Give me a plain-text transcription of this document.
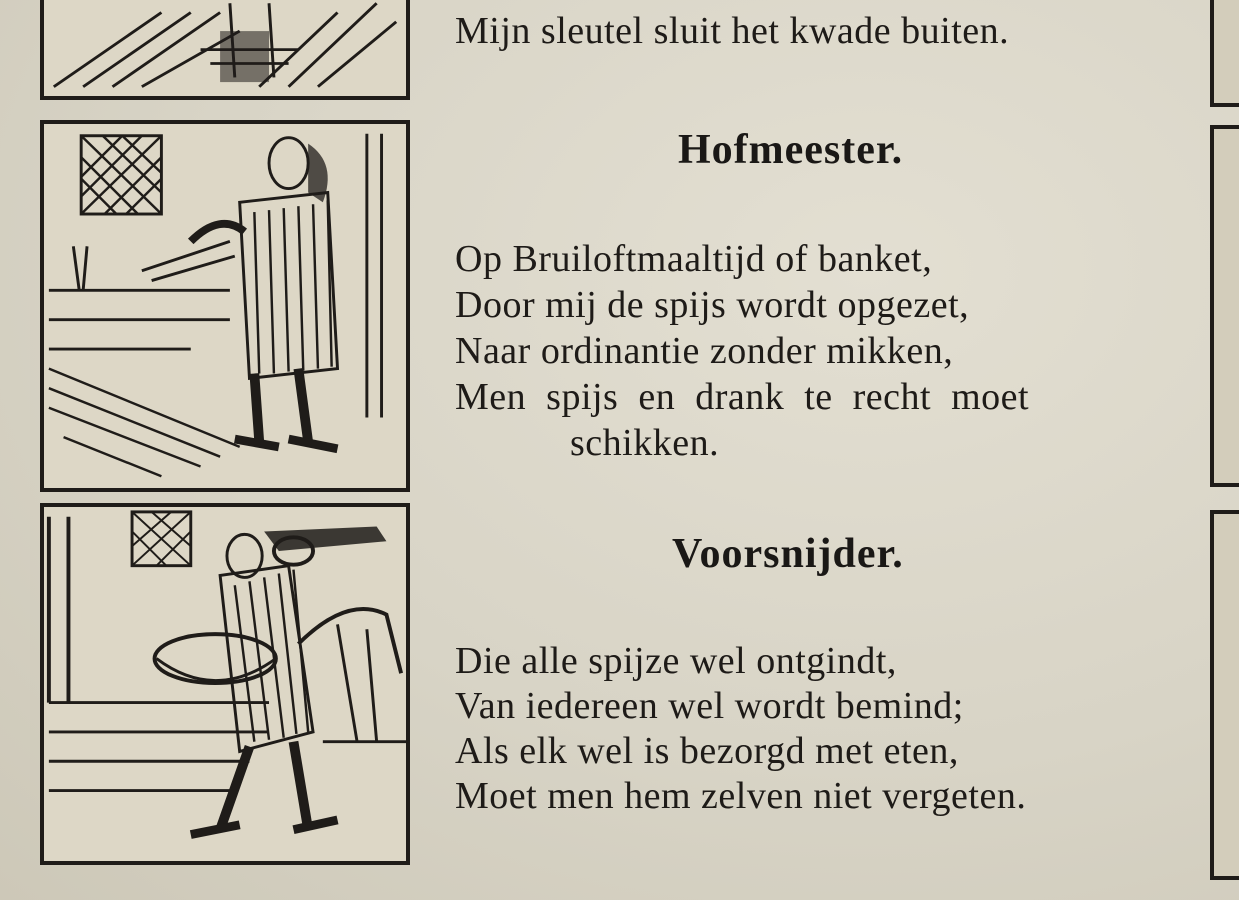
Mijn sleutel sluit het kwade buiten.

Hofmeester.

Op Bruiloftmaaltijd of banket,

Door mij de spijs wordt opgezet,

Naar ordinantie zonder mikken,

Men spijs en drank te recht moet

schikken.

Voorsnijder.

Die alle spijze wel ontgindt,

Van iedereen wel wordt bemind;

Als elk wel is bezorgd met eten,

Moet men hem zelven niet vergeten.
